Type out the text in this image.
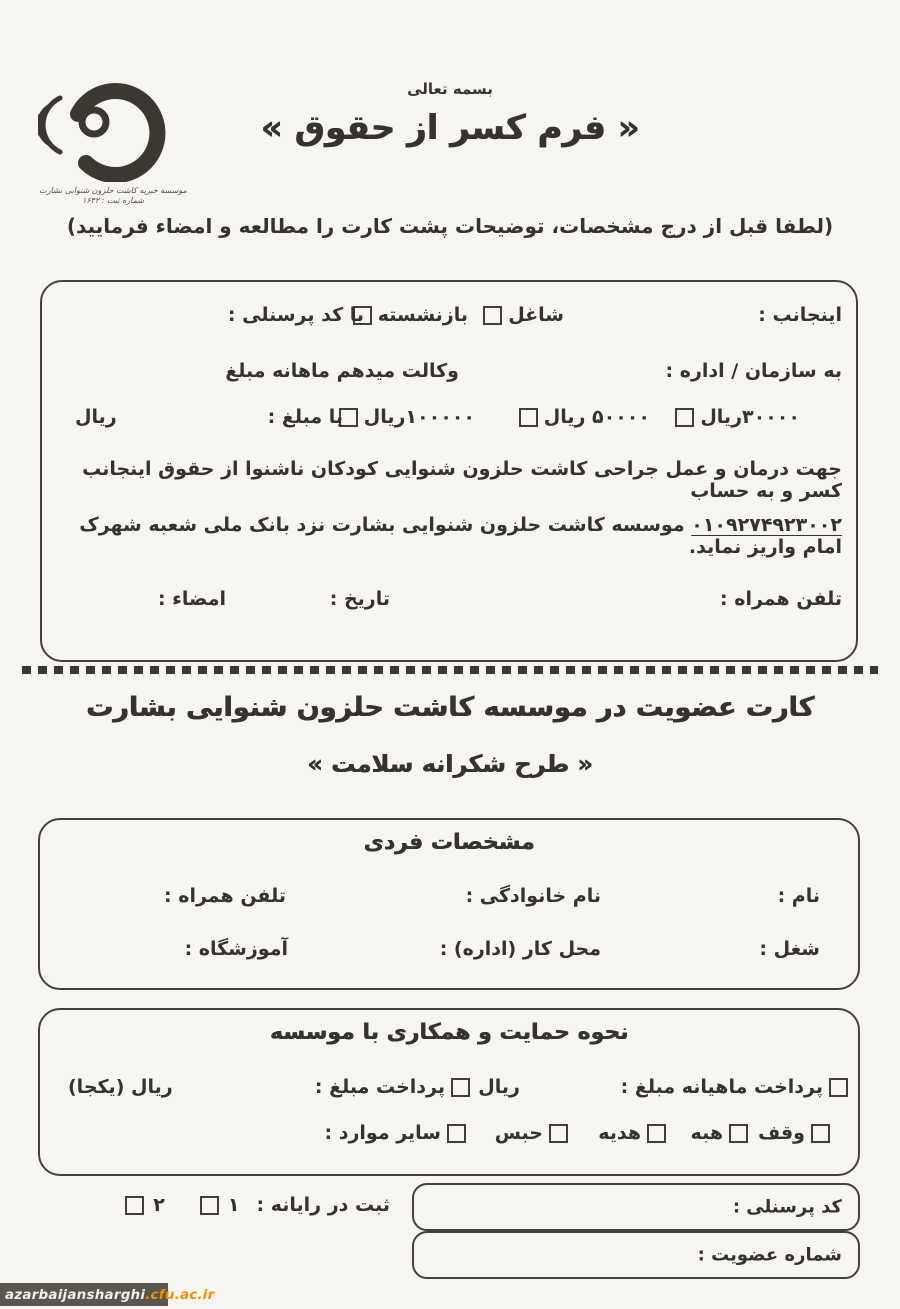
بسمه تعالی
« فرم کسر از حقوق »
(لطفا قبل از درج مشخصات، توضیحات پشت کارت را مطالعه و امضاء فرمایید)
موسسه خیریه کاشت حلزون شنوایی بشارت
شماره ثبت : ۱۶۴۲
اینجانب :
شاغل
بازنشسته
با کد پرسنلی :
به سازمان / اداره :
وکالت میدهم ماهانه مبلغ
۳۰۰۰۰ریال
۵۰۰۰۰ ریال
۱۰۰۰۰۰ریال
یا مبلغ :
ریال
جهت درمان و عمل جراحی کاشت حلزون شنوایی کودکان ناشنوا از حقوق اینجانب کسر و به حساب
۰۱۰۹۲۷۴۹۲۳۰۰۲ موسسه کاشت حلزون شنوایی بشارت نزد بانک ملی شعبه شهرک امام واریز نماید.
تلفن همراه :
تاریخ :
امضاء :
کارت عضویت در موسسه کاشت حلزون شنوایی بشارت
« طرح شکرانه سلامت »
مشخصات فردی
نام :
نام خانوادگی :
تلفن همراه :
شغل :
محل کار (اداره) :
آموزشگاه :
نحوه حمایت و همکاری با موسسه
پرداخت ماهیانه مبلغ :
ریال
پرداخت مبلغ :
ریال (یکجا)
وقف
هبه
هدیه
حبس
سایر موارد :
کد پرسنلی :
شماره عضویت :
ثبت در رایانه :
۱
۲
azarbaijansharghi .cfu.ac.ir
